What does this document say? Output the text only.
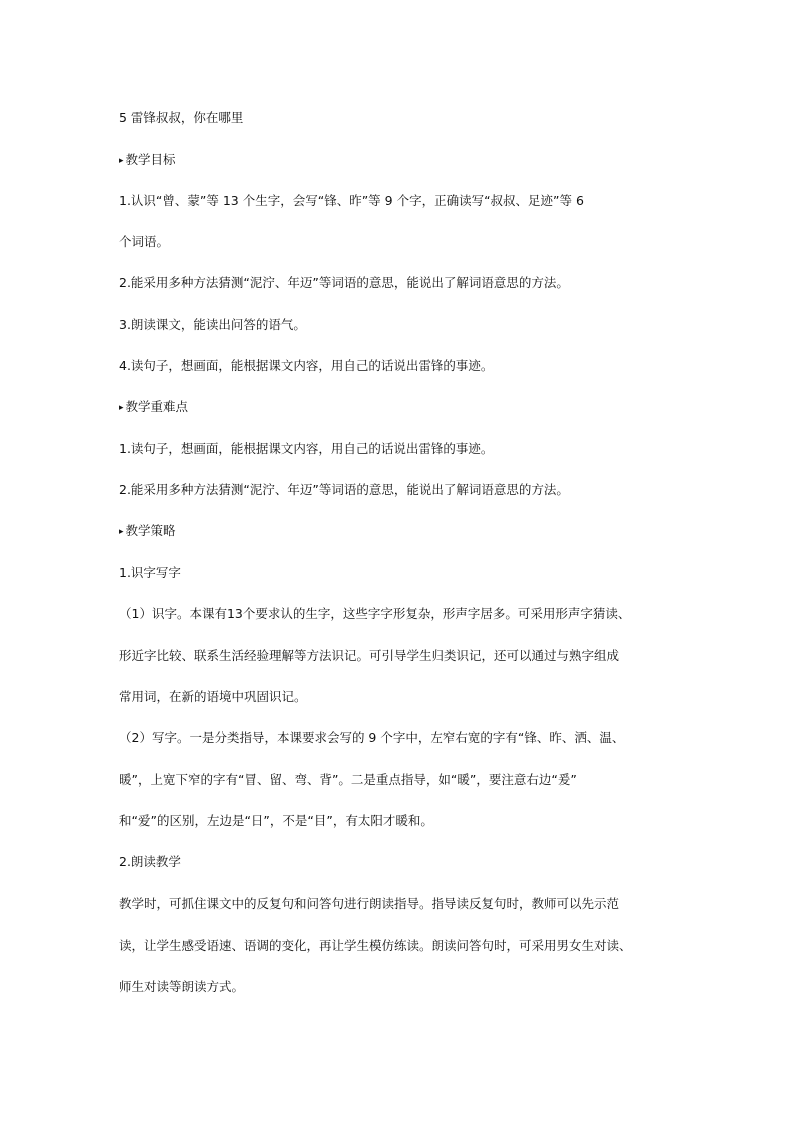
5 雷锋叔叔，你在哪里
▸ 教学目标
1.认识“曾、蒙”等 13 个生字，会写“锋、昨”等 9 个字，正确读写“叔叔、足迹”等 6
个词语。
2.能采用多种方法猜测“泥泞、年迈”等词语的意思，能说出了解词语意思的方法。
3.朗读课文，能读出问答的语气。
4.读句子，想画面，能根据课文内容，用自己的话说出雷锋的事迹。
▸ 教学重难点
1.读句子，想画面，能根据课文内容，用自己的话说出雷锋的事迹。
2.能采用多种方法猜测“泥泞、年迈”等词语的意思，能说出了解词语意思的方法。
▸ 教学策略
1.识字写字
（1）识字。本课有13个要求认的生字，这些字字形复杂，形声字居多。可采用形声字猜读、
形近字比较、联系生活经验理解等方法识记。可引导学生归类识记，还可以通过与熟字组成
常用词，在新的语境中巩固识记。
（2）写字。一是分类指导，本课要求会写的 9 个字中，左窄右宽的字有“锋、昨、洒、温、
暖”，上宽下窄的字有“冒、留、弯、背”。二是重点指导，如“暖”，要注意右边“爰”
和“爱”的区别，左边是“日”，不是“目”，有太阳才暖和。
2.朗读教学
教学时，可抓住课文中的反复句和问答句进行朗读指导。指导读反复句时，教师可以先示范
读，让学生感受语速、语调的变化，再让学生模仿练读。朗读问答句时，可采用男女生对读、
师生对读等朗读方式。
